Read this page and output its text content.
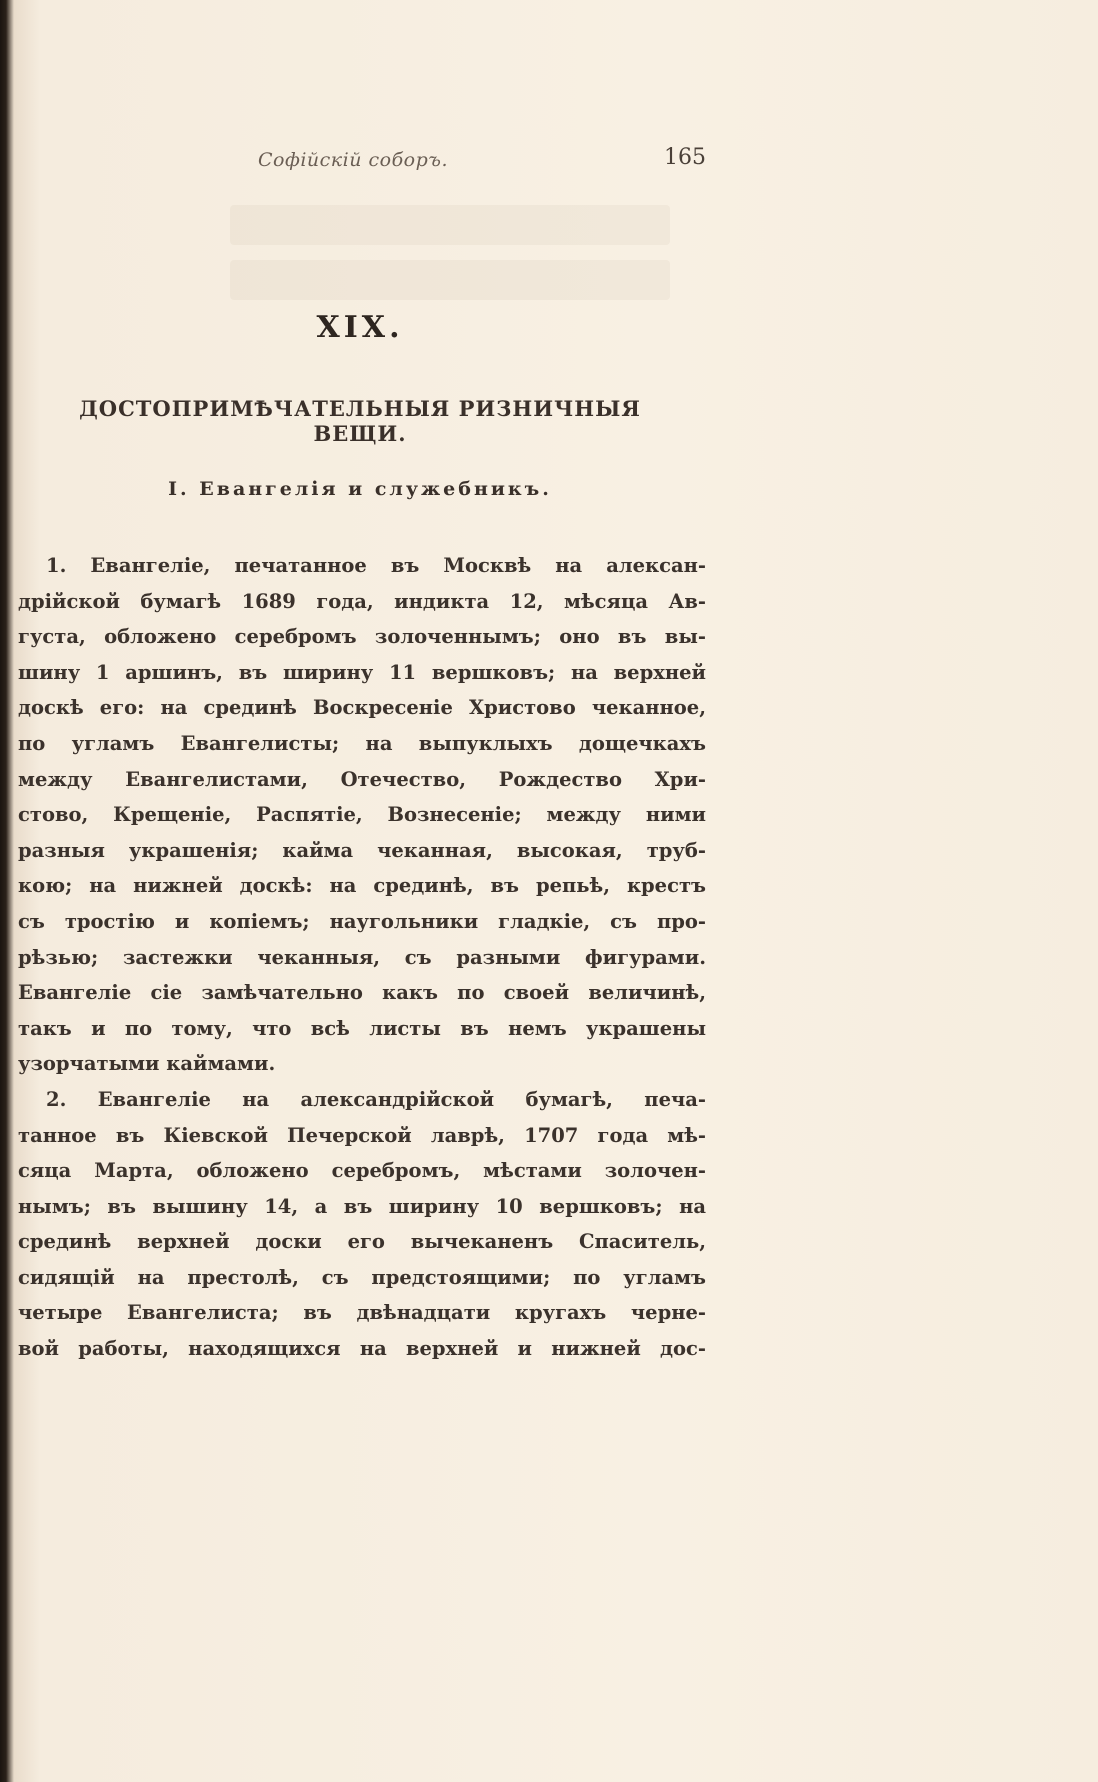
Софійскій соборъ.	165
XIX.
ДОСТОПРИМѢЧАТЕЛЬНЫЯ РИЗНИЧНЫЯ ВЕЩИ.
I. Евангелія и служебникъ.
1. Евангеліе, печатанное въ Москвѣ на алексан-
дрійской бумагѣ 1689 года, индикта 12, мѣсяца Ав-
густа, обложено серебромъ золоченнымъ; оно въ вы-
шину 1 аршинъ, въ ширину 11 вершковъ; на верхней
доскѣ его: на срединѣ Воскресеніе Христово чеканное,
по угламъ Евангелисты; на выпуклыхъ дощечкахъ
между Евангелистами, Отечество, Рождество Хри-
стово, Крещеніе, Распятіе, Вознесеніе; между ними
разныя украшенія; кайма чеканная, высокая, труб-
кою; на нижней доскѣ: на срединѣ, въ репьѣ, крестъ
съ тростію и копіемъ; наугольники гладкіе, съ про-
рѣзью; застежки чеканныя, съ разными фигурами.
Евангеліе сіе замѣчательно какъ по своей величинѣ,
такъ и по тому, что всѣ листы въ немъ украшены
узорчатыми каймами.
2. Евангеліе на александрійской бумагѣ, печа-
танное въ Кіевской Печерской лаврѣ, 1707 года мѣ-
сяца Марта, обложено серебромъ, мѣстами золочен-
нымъ; въ вышину 14, а въ ширину 10 вершковъ; на
срединѣ верхней доски его вычеканенъ Спаситель,
сидящій на престолѣ, съ предстоящими; по угламъ
четыре Евангелиста; въ двѣнадцати кругахъ черне-
вой работы, находящихся на верхней и нижней дос-
